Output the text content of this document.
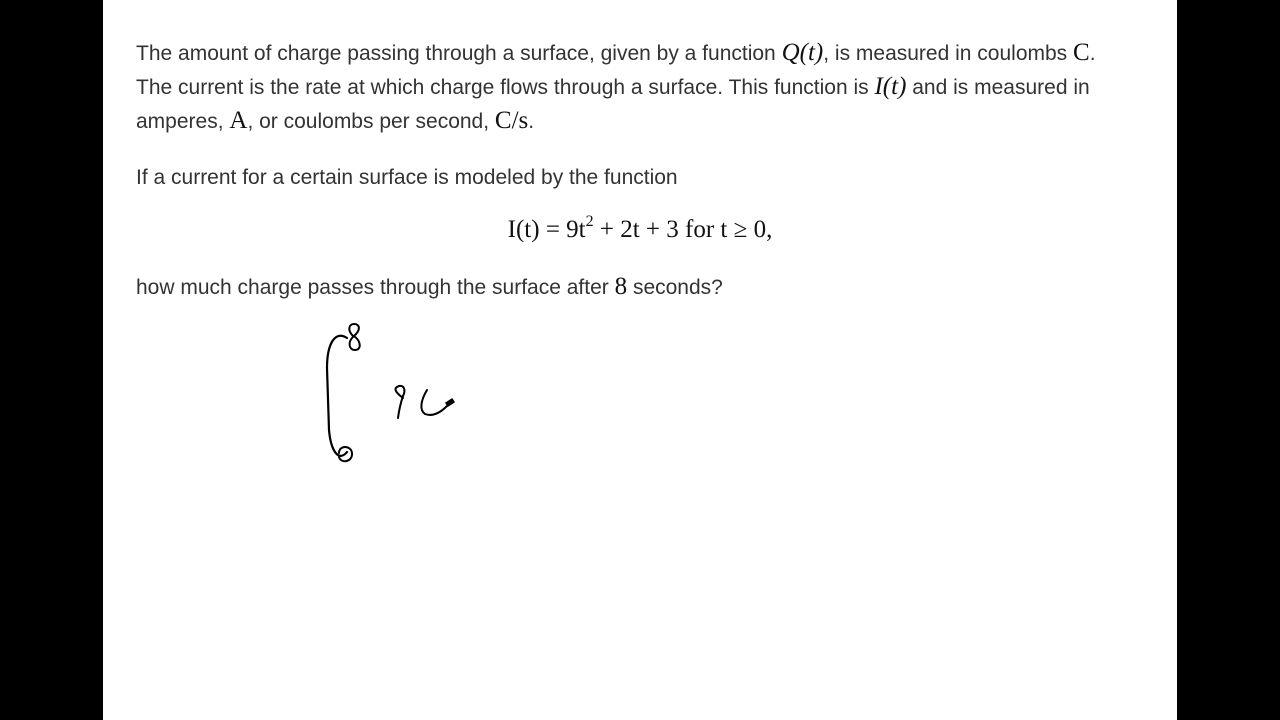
The amount of charge passing through a surface, given by a function Q(t), is measured in coulombs C. The current is the rate at which charge flows through a surface. This function is I(t) and is measured in amperes, A, or coulombs per second, C/s.
If a current for a certain surface is modeled by the function
$I(t) = 9t^2 + 2t + 3$ for t ≥ 0,
how much charge passes through the surface after 8 seconds?
